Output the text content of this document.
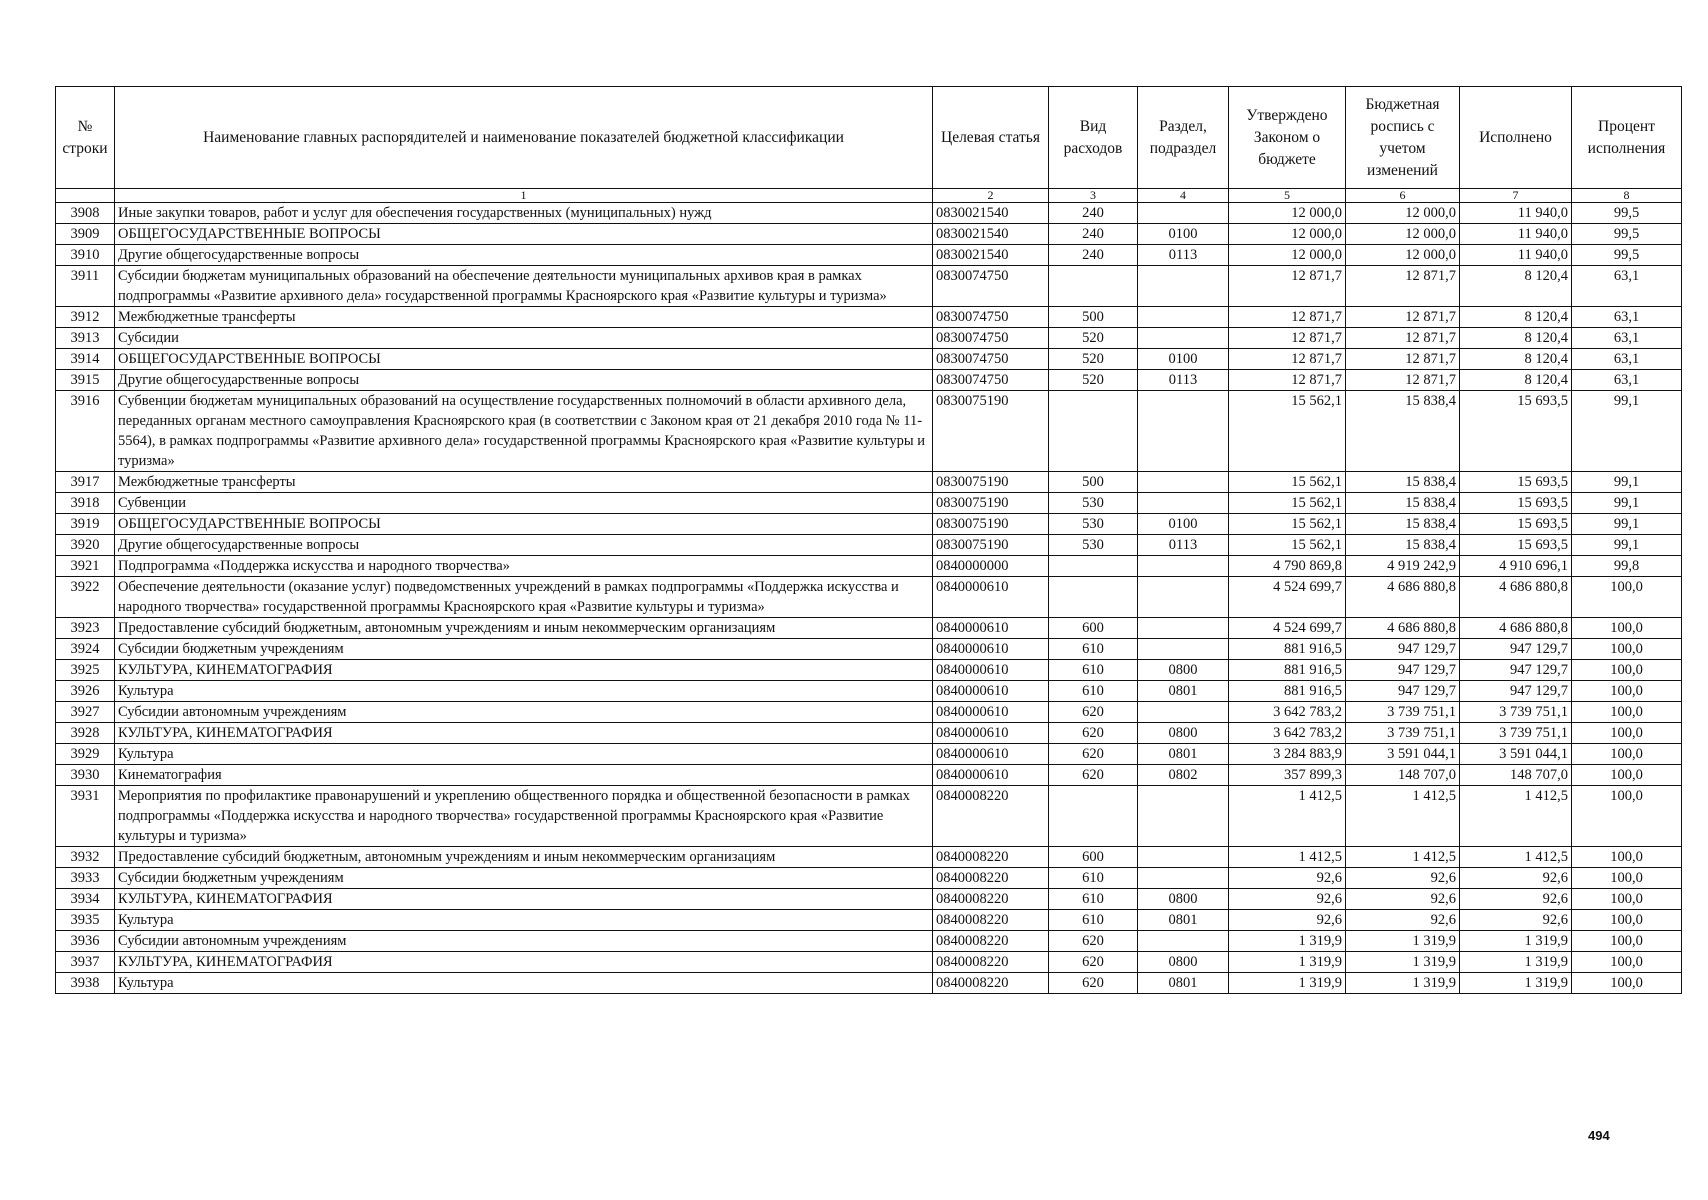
№ строки	Наименование главных распорядителей и наименование показателей бюджетной классификации	Целевая статья	Вид расходов	Раздел, подраздел	Утверждено Законом о бюджете	Бюджетная роспись с учетом изменений	Исполнено	Процент исполнения
	1	2	3	4	5	6	7	8
3908	Иные закупки товаров, работ и услуг для обеспечения государственных (муниципальных) нужд	0830021540	240		12 000,0	12 000,0	11 940,0	99,5
3909	ОБЩЕГОСУДАРСТВЕННЫЕ ВОПРОСЫ	0830021540	240	0100	12 000,0	12 000,0	11 940,0	99,5
3910	Другие общегосударственные вопросы	0830021540	240	0113	12 000,0	12 000,0	11 940,0	99,5
3911	Субсидии бюджетам муниципальных образований на обеспечение деятельности муниципальных архивов края в рамках подпрограммы «Развитие архивного дела» государственной программы Красноярского края «Развитие культуры и туризма»	0830074750			12 871,7	12 871,7	8 120,4	63,1
3912	Межбюджетные трансферты	0830074750	500		12 871,7	12 871,7	8 120,4	63,1
3913	Субсидии	0830074750	520		12 871,7	12 871,7	8 120,4	63,1
3914	ОБЩЕГОСУДАРСТВЕННЫЕ ВОПРОСЫ	0830074750	520	0100	12 871,7	12 871,7	8 120,4	63,1
3915	Другие общегосударственные вопросы	0830074750	520	0113	12 871,7	12 871,7	8 120,4	63,1
3916	Субвенции бюджетам муниципальных образований на осуществление государственных полномочий в области архивного дела, переданных органам местного самоуправления Красноярского края (в соответствии с Законом края от 21 декабря 2010 года № 11-5564), в рамках подпрограммы «Развитие архивного дела» государственной программы Красноярского края «Развитие культуры и туризма»	0830075190			15 562,1	15 838,4	15 693,5	99,1
3917	Межбюджетные трансферты	0830075190	500		15 562,1	15 838,4	15 693,5	99,1
3918	Субвенции	0830075190	530		15 562,1	15 838,4	15 693,5	99,1
3919	ОБЩЕГОСУДАРСТВЕННЫЕ ВОПРОСЫ	0830075190	530	0100	15 562,1	15 838,4	15 693,5	99,1
3920	Другие общегосударственные вопросы	0830075190	530	0113	15 562,1	15 838,4	15 693,5	99,1
3921	Подпрограмма «Поддержка искусства и народного творчества»	0840000000			4 790 869,8	4 919 242,9	4 910 696,1	99,8
3922	Обеспечение деятельности (оказание услуг) подведомственных учреждений в рамках подпрограммы «Поддержка искусства и народного творчества» государственной программы Красноярского края «Развитие культуры и туризма»	0840000610			4 524 699,7	4 686 880,8	4 686 880,8	100,0
3923	Предоставление субсидий бюджетным, автономным учреждениям и иным некоммерческим организациям	0840000610	600		4 524 699,7	4 686 880,8	4 686 880,8	100,0
3924	Субсидии бюджетным учреждениям	0840000610	610		881 916,5	947 129,7	947 129,7	100,0
3925	КУЛЬТУРА, КИНЕМАТОГРАФИЯ	0840000610	610	0800	881 916,5	947 129,7	947 129,7	100,0
3926	Культура	0840000610	610	0801	881 916,5	947 129,7	947 129,7	100,0
3927	Субсидии автономным учреждениям	0840000610	620		3 642 783,2	3 739 751,1	3 739 751,1	100,0
3928	КУЛЬТУРА, КИНЕМАТОГРАФИЯ	0840000610	620	0800	3 642 783,2	3 739 751,1	3 739 751,1	100,0
3929	Культура	0840000610	620	0801	3 284 883,9	3 591 044,1	3 591 044,1	100,0
3930	Кинематография	0840000610	620	0802	357 899,3	148 707,0	148 707,0	100,0
3931	Мероприятия по профилактике правонарушений и укреплению общественного порядка и общественной безопасности в рамках подпрограммы «Поддержка искусства и народного творчества» государственной программы Красноярского края «Развитие культуры и туризма»	0840008220			1 412,5	1 412,5	1 412,5	100,0
3932	Предоставление субсидий бюджетным, автономным учреждениям и иным некоммерческим организациям	0840008220	600		1 412,5	1 412,5	1 412,5	100,0
3933	Субсидии бюджетным учреждениям	0840008220	610		92,6	92,6	92,6	100,0
3934	КУЛЬТУРА, КИНЕМАТОГРАФИЯ	0840008220	610	0800	92,6	92,6	92,6	100,0
3935	Культура	0840008220	610	0801	92,6	92,6	92,6	100,0
3936	Субсидии автономным учреждениям	0840008220	620		1 319,9	1 319,9	1 319,9	100,0
3937	КУЛЬТУРА, КИНЕМАТОГРАФИЯ	0840008220	620	0800	1 319,9	1 319,9	1 319,9	100,0
3938	Культура	0840008220	620	0801	1 319,9	1 319,9	1 319,9	100,0
494
